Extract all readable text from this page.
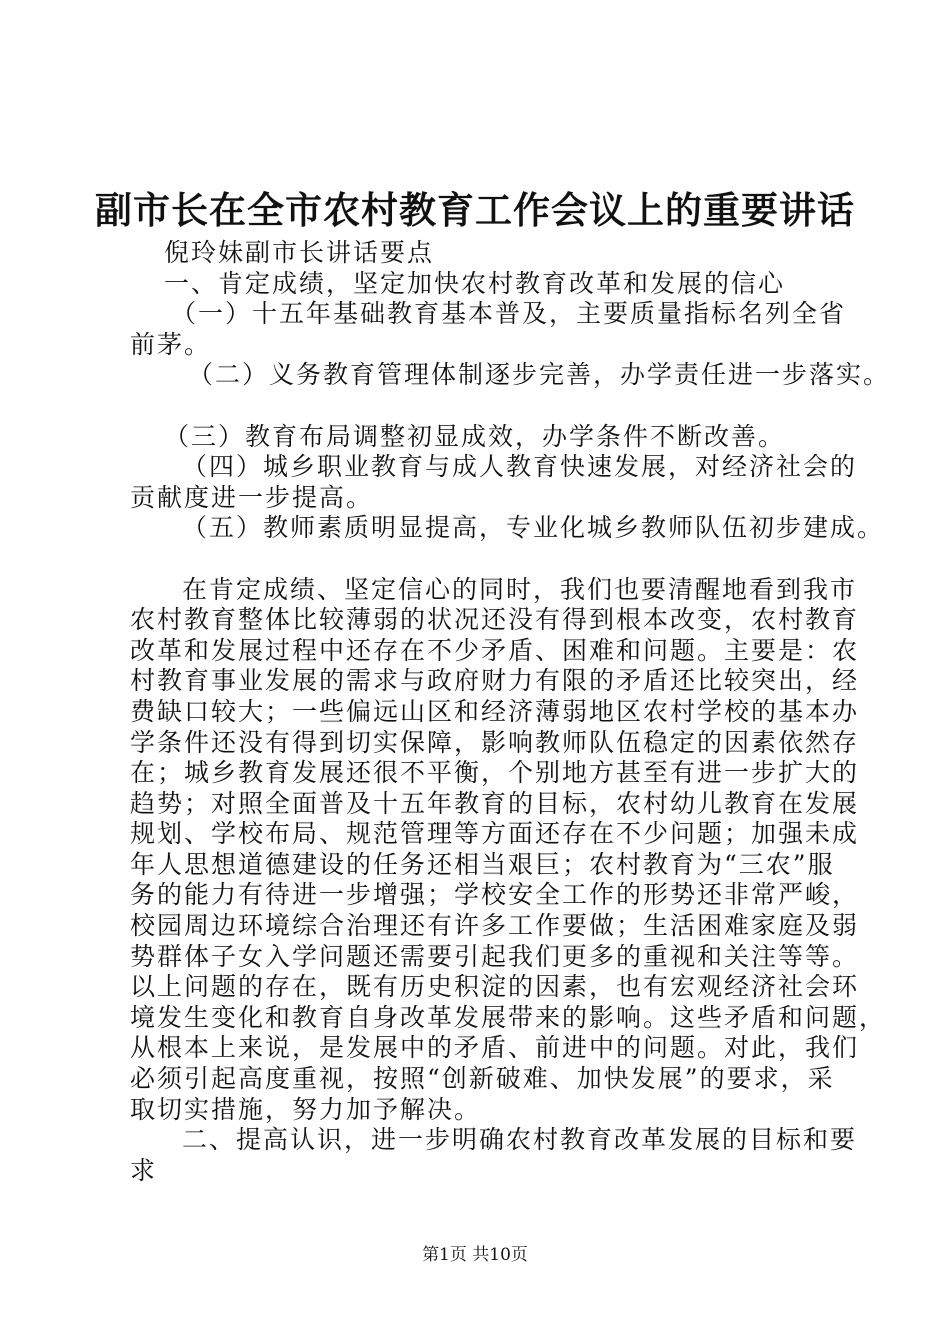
副市长在全市农村教育工作会议上的重要讲话

倪玲妹副市长讲话要点

一、肯定成绩，坚定加快农村教育改革和发展的信心

（一）十五年基础教育基本普及，主要质量指标名列全省

前茅。

（二）义务教育管理体制逐步完善，办学责任进一步落实。

（三）教育布局调整初显成效，办学条件不断改善。

（四）城乡职业教育与成人教育快速发展，对经济社会的

贡献度进一步提高。

（五）教师素质明显提高，专业化城乡教师队伍初步建成。

在肯定成绩、坚定信心的同时，我们也要清醒地看到我市

农村教育整体比较薄弱的状况还没有得到根本改变，农村教育

改革和发展过程中还存在不少矛盾、困难和问题。主要是：农

村教育事业发展的需求与政府财力有限的矛盾还比较突出，经

费缺口较大；一些偏远山区和经济薄弱地区农村学校的基本办

学条件还没有得到切实保障，影响教师队伍稳定的因素依然存

在；城乡教育发展还很不平衡，个别地方甚至有进一步扩大的

趋势；对照全面普及十五年教育的目标，农村幼儿教育在发展

规划、学校布局、规范管理等方面还存在不少问题；加强未成

年人思想道德建设的任务还相当艰巨；农村教育为“三农”服

务的能力有待进一步增强；学校安全工作的形势还非常严峻，

校园周边环境综合治理还有许多工作要做；生活困难家庭及弱

势群体子女入学问题还需要引起我们更多的重视和关注等等。

以上问题的存在，既有历史积淀的因素，也有宏观经济社会环

境发生变化和教育自身改革发展带来的影响。这些矛盾和问题，

从根本上来说，是发展中的矛盾、前进中的问题。对此，我们

必须引起高度重视，按照“创新破难、加快发展”的要求，采

取切实措施，努力加予解决。

二、提高认识，进一步明确农村教育改革发展的目标和要

求

第1页 共10页
